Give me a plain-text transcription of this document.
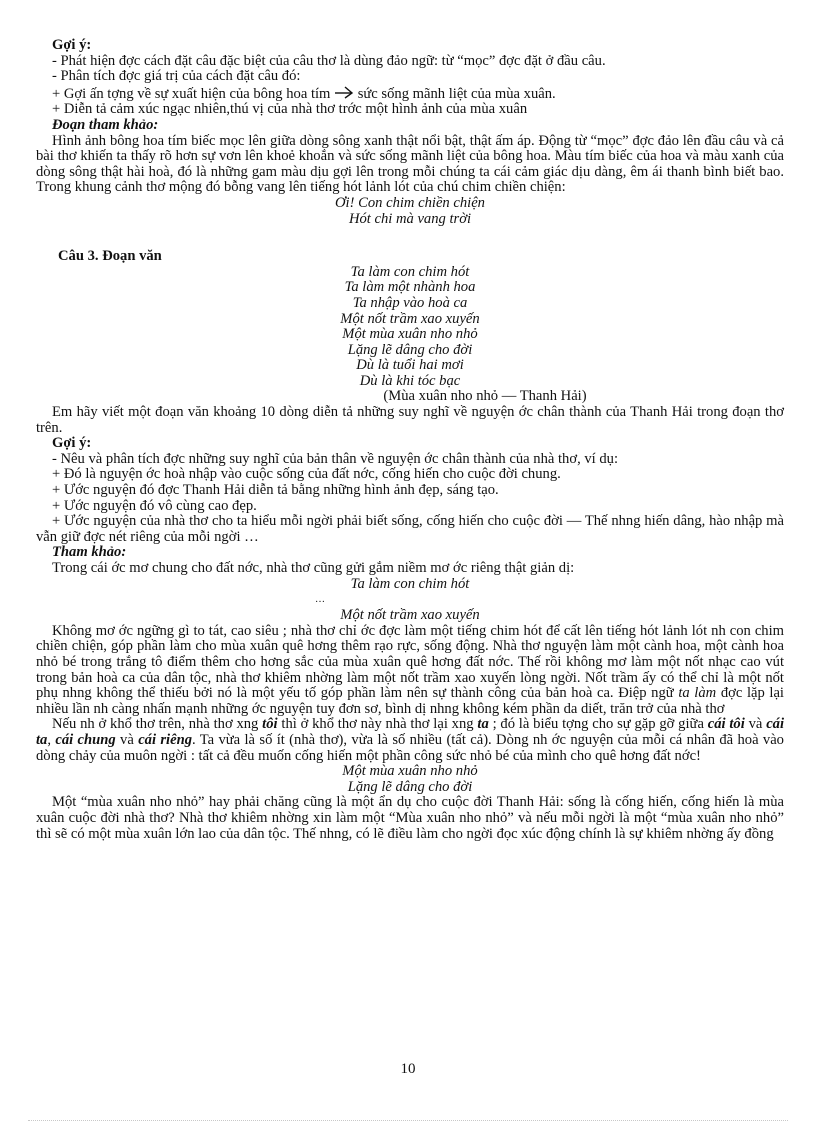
Gợi ý:

- Phát hiện đợc cách đặt câu đặc biệt của câu thơ là dùng đảo ngữ: từ “mọc” đợc đặt ở đầu câu.

- Phân tích đợc giá trị của cách đặt câu đó:

+ Gợi ấn tợng về sự xuất hiện của bông hoa tím sức sống mãnh liệt của mùa xuân.

+ Diễn tả cảm xúc ngạc nhiên,thú vị của nhà thơ trớc một hình ảnh của mùa xuân

Đoạn tham khảo:

Hình ảnh bông hoa tím biếc mọc lên giữa dòng sông xanh thật nổi bật, thật ấm áp. Động từ “mọc” đợc đảo lên đầu câu và cả bài thơ khiến ta thấy rõ hơn sự vơn lên khoẻ khoắn và sức sống mãnh liệt của bông hoa. Màu tím biếc của hoa và màu xanh của dòng sông thật hài hoà, đó là những gam màu dịu gợi lên trong mỗi chúng ta cái cảm giác dịu dàng, êm ái thanh bình biết bao. Trong khung cảnh thơ mộng đó bỗng vang lên tiếng hót lảnh lót của chú chim chiền chiện:

Ơi! Con chim chiền chiện

Hót chi mà vang trời

Câu 3. Đoạn văn

Ta làm con chim hót

Ta làm một nhành hoa

Ta nhập vào hoà ca

Một nốt trầm xao xuyến

Một mùa xuân nho nhỏ

Lặng lẽ dâng cho đời

Dù là tuổi hai mơi

Dù là khi tóc bạc

(Mùa xuân nho nhỏ — Thanh Hải)

Em hãy viết một đoạn văn khoảng 10 dòng diễn tả những suy nghĩ về nguyện ớc chân thành của Thanh Hải trong đoạn thơ trên.

Gợi ý:

- Nêu và phân tích đợc những suy nghĩ của bản thân về nguyện ớc chân thành của nhà thơ, ví dụ:

+ Đó là nguyện ớc hoà nhập vào cuộc sống của đất nớc, cống hiến cho cuộc đời chung.

+ Ước nguyện đó đợc Thanh Hải diễn tả bằng những hình ảnh đẹp, sáng tạo.

+ Ước nguyện đó vô cùng cao đẹp.

+ Ước nguyện của nhà thơ cho ta hiểu mỗi ngời phải biết sống, cống hiến cho cuộc đời — Thế nhng hiến dâng, hào nhập mà vẫn giữ đợc nét riêng của mỗi ngời …

Tham khảo:

Trong cái ớc mơ chung cho đất nớc, nhà thơ cũng gửi gắm niềm mơ ớc riêng thật giản dị:

Ta làm con chim hót

…

Một nốt trầm xao xuyến

Không mơ ớc ngững gì to tát, cao siêu ; nhà thơ chỉ ớc đợc làm một tiếng chim hót để cất lên tiếng hót lảnh lót nh con chim chiền chiện, góp phần làm cho mùa xuân quê hơng thêm rạo rực, sống động. Nhà thơ nguyện làm một cành hoa, một cành hoa nhỏ bé trong trắng tô điểm thêm cho hơng sắc của mùa xuân quê hơng đất nớc. Thế rồi không mơ làm một nốt nhạc cao vút trong bản hoà ca của dân tộc, nhà thơ khiêm nhờng làm một nốt trầm xao xuyến lòng ngời. Nốt trầm ấy có thể chỉ là một nốt phụ nhng không thể thiếu bởi nó là một yếu tố góp phần làm nên sự thành công của bản hoà ca. Điệp ngữ ta làm đợc lặp lại nhiều lần nh càng nhấn mạnh những ớc nguyện tuy đơn sơ, bình dị nhng không kém phần da diết, trăn trở của nhà thơ

Nếu nh ở khổ thơ trên, nhà thơ xng tôi thì ở khổ thơ này nhà thơ lại xng ta ; đó là biểu tợng cho sự gặp gỡ giữa cái tôi và cái ta, cái chung và cái riêng. Ta vừa là số ít (nhà thơ), vừa là số nhiều (tất cả). Dòng nh ớc nguyện của mỗi cá nhân đã hoà vào dòng chảy của muôn ngời : tất cả đều muốn cống hiến một phần công sức nhỏ bé của mình cho quê hơng đất nớc!

Một mùa xuân nho nhỏ

Lặng lẽ dâng cho đời

Một “mùa xuân nho nhỏ” hay phải chăng cũng là một ẩn dụ cho cuộc đời Thanh Hải: sống là cống hiến, cống hiến là mùa xuân cuộc đời nhà thơ? Nhà thơ khiêm nhờng xin làm một “Mùa xuân nho nhỏ” và nếu mỗi ngời là một “mùa xuân nho nhỏ” thì sẽ có một mùa xuân lớn lao của dân tộc. Thế nhng, có lẽ điều làm cho ngời đọc xúc động chính là sự khiêm nhờng ấy đồng

10
